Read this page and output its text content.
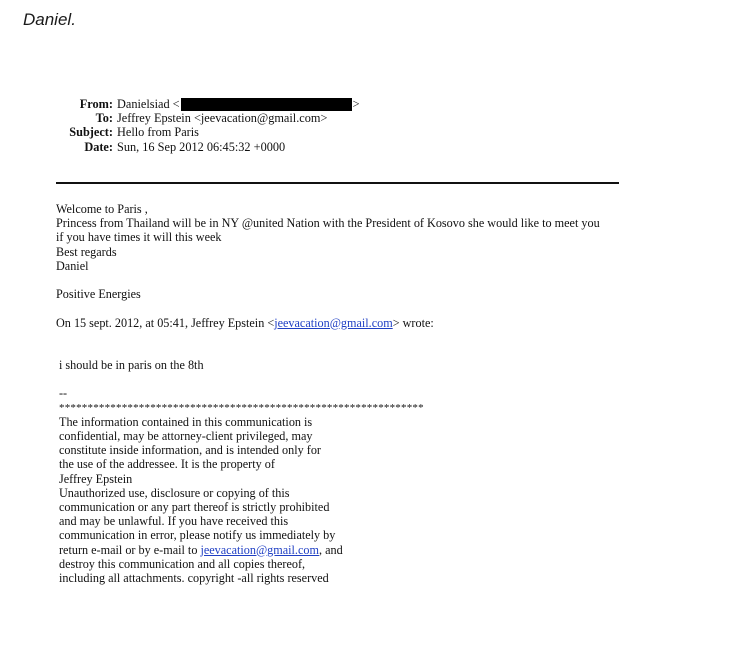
Daniel.
From: Danielsiad <	>
To: Jeffrey Epstein <jeevacation@gmail.com>
Subject: Hello from Paris
Date: Sun, 16 Sep 2012 06:45:32 +0000
Welcome to Paris ,
Princess from Thailand will be in NY @united Nation with the President of Kosovo she would like to meet you
if you have times it will this week
Best regards
Daniel
Positive Energies
On 15 sept. 2012, at 05:41, Jeffrey Epstein <jeevacation@gmail.com> wrote:
i should be in paris on the 8th
--
****************************************************************
The information contained in this communication is
confidential, may be attorney-client privileged, may
constitute inside information, and is intended only for
the use of the addressee. It is the property of
Jeffrey Epstein
Unauthorized use, disclosure or copying of this
communication or any part thereof is strictly prohibited
and may be unlawful. If you have received this
communication in error, please notify us immediately by
return e-mail or by e-mail to jeevacation@gmail.com, and
destroy this communication and all copies thereof,
including all attachments. copyright -all rights reserved
